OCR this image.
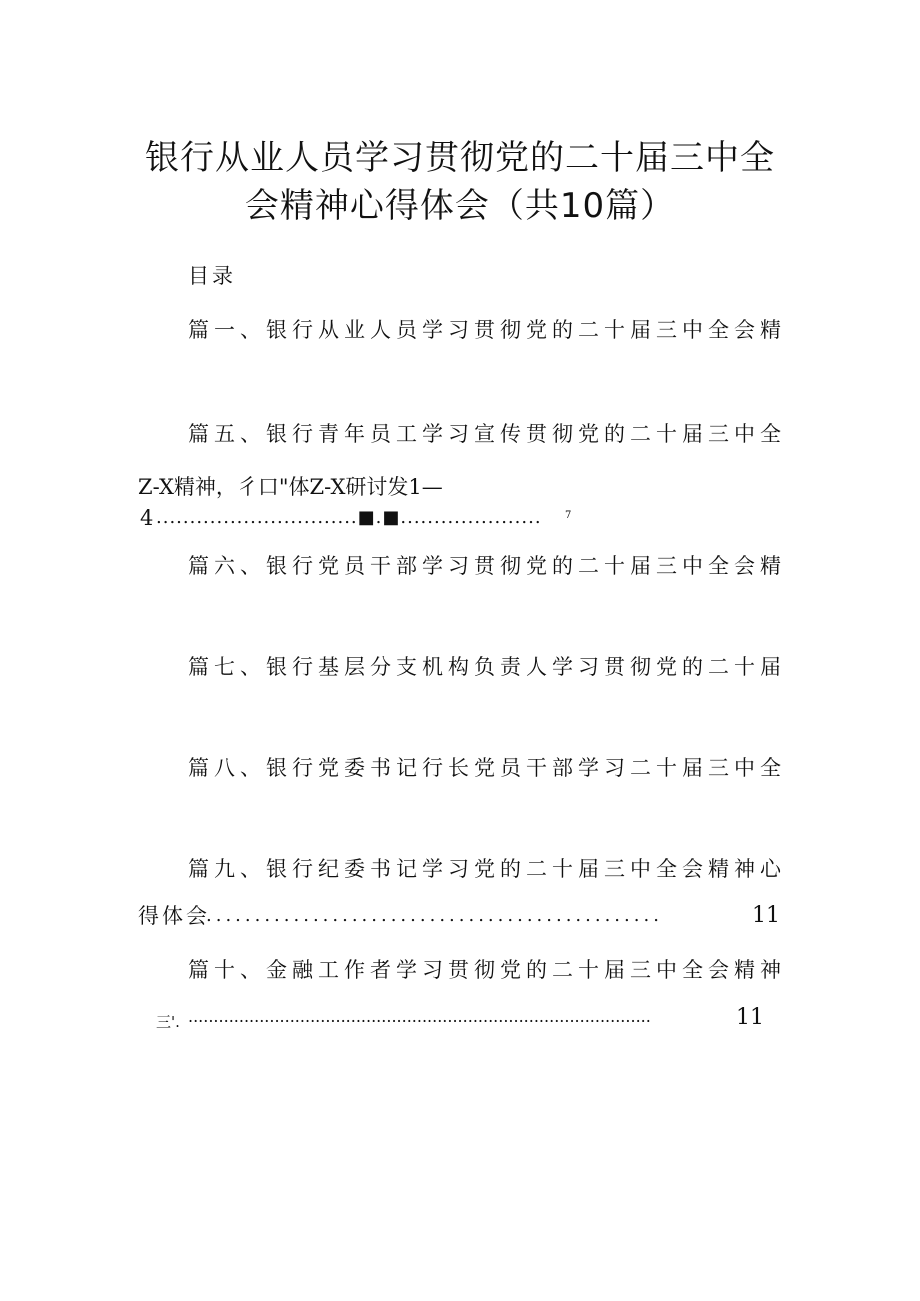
银行从业人员学习贯彻党的二十届三中全
会精神心得体会（共10篇）
目录
篇一、银行从业人员学习贯彻党的二十届三中全会精
篇五、银行青年员工学习宣传贯彻党的二十届三中全
Z-X精神，彳口"体Z-X研讨发1—
4 ..............................■.■.....................	7
篇六、银行党员干部学习贯彻党的二十届三中全会精
篇七、银行基层分支机构负责人学习贯彻党的二十届
篇八、银行党委书记行长党员干部学习二十届三中全
篇九、银行纪委书记学习党的二十届三中全会精神心
得体会
...............................................	11
篇十、金融工作者学习贯彻党的二十届三中全会精神
三'. ...........................................................................................	11
